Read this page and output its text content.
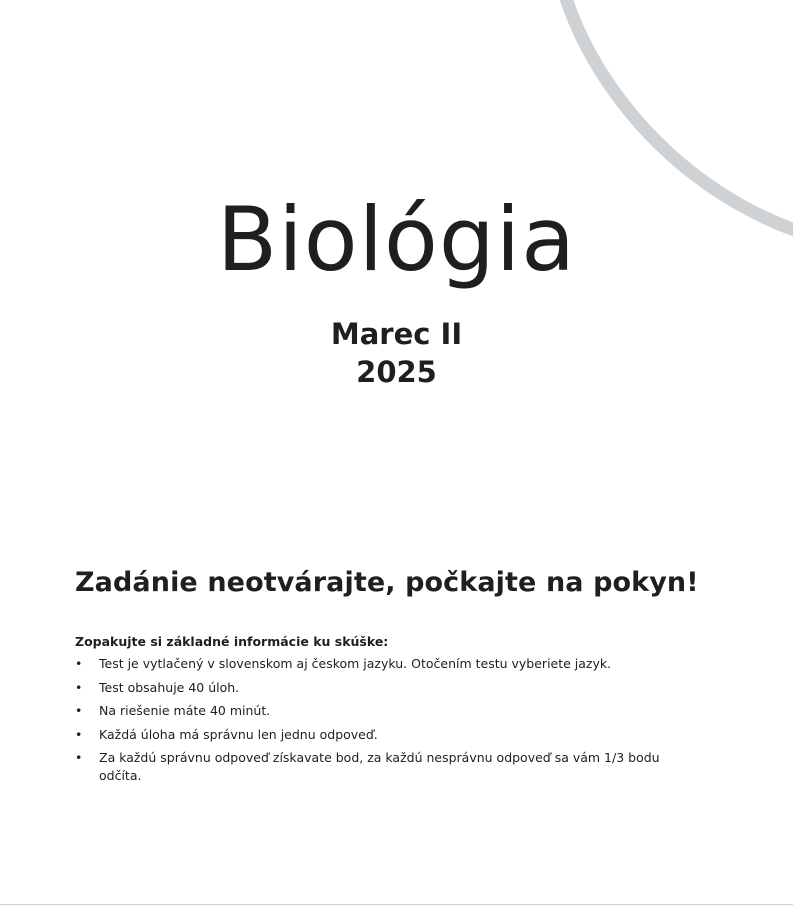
Biológia
Marec II
2025
Zadánie neotvárajte, počkajte na pokyn!
Zopakujte si základné informácie ku skúške:
• Test je vytlačený v slovenskom aj českom jazyku. Otočením testu vyberiete jazyk.
• Test obsahuje 40 úloh.
• Na riešenie máte 40 minút.
• Každá úloha má správnu len jednu odpoveď.
• Za každú správnu odpoveď získavate bod, za každú nesprávnu odpoveď sa vám 1/3 bodu odčíta.
